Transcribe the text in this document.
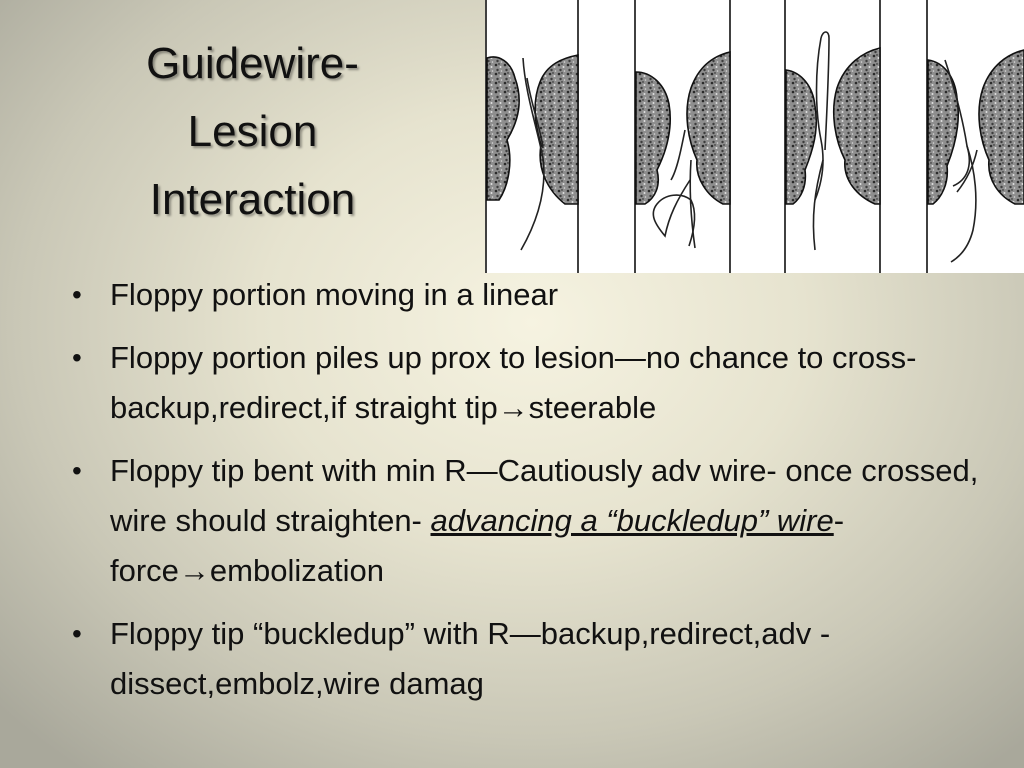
Guidewire-
Lesion
Interaction
• Floppy portion moving in a linear
• Floppy portion piles up prox to lesion—no chance to cross- backup,redirect,if straight tip→steerable
• Floppy tip bent with min R—Cautiously adv wire- once crossed, wire should straighten- advancing a “buckledup” wire- force→embolization
• Floppy tip “buckledup” with R—backup,redirect,adv -dissect,embolz,wire damag
